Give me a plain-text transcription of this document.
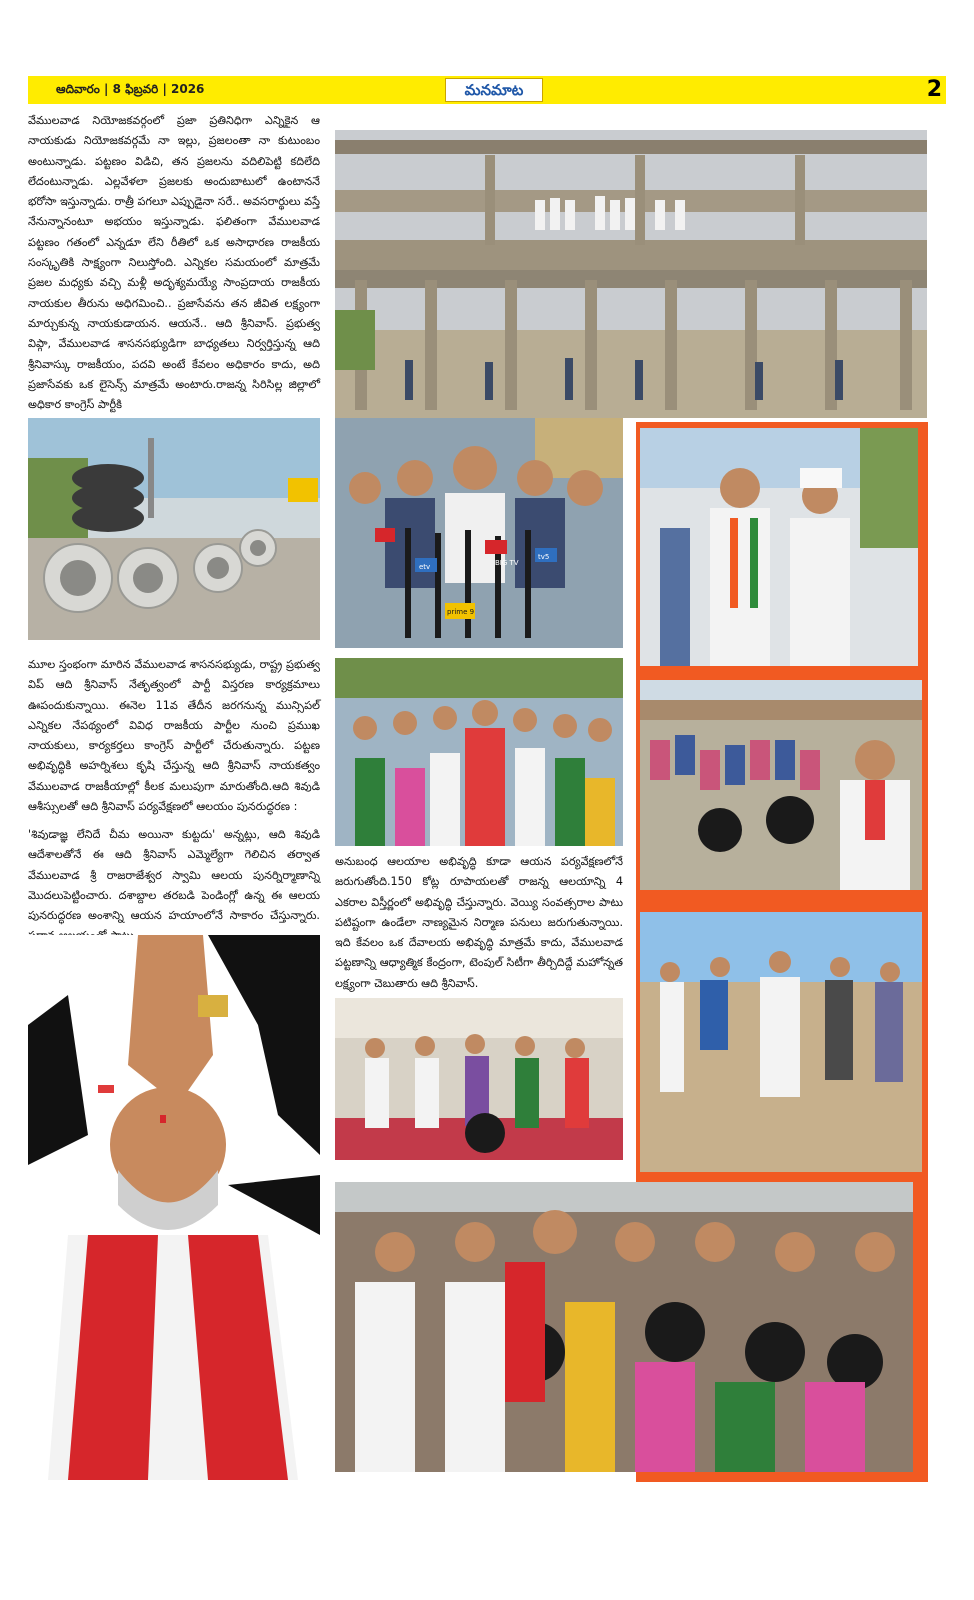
ఆదివారం | 8 ఫిబ్రవరి | 2026	మనమాట	2
వేములవాడ నియోజకవర్గంలో ప్రజా ప్రతినిధిగా ఎన్నికైన ఆ నాయకుడు నియోజకవర్గమే నా ఇల్లు, ప్రజలంతా నా కుటుంబం అంటున్నాడు. పట్టణం విడిచి, తన ప్రజలను వదిలిపెట్టి కదిలేది లేదంటున్నాడు. ఎల్లవేళలా ప్రజలకు అందుబాటులో ఉంటాననే భరోసా ఇస్తున్నాడు. రాత్రీ పగలూ ఎప్పుడైనా సరే.. అవసరార్థులు వస్తే నేనున్నానంటూ అభయం ఇస్తున్నాడు. ఫలితంగా వేములవాడ పట్టణం గతంలో ఎన్నడూ లేని రీతిలో ఒక అసాధారణ రాజకీయ సంస్కృతికి సాక్ష్యంగా నిలుస్తోంది. ఎన్నికల సమయంలో మాత్రమే ప్రజల మధ్యకు వచ్చి మళ్లీ అదృశ్యమయ్యే సాంప్రదాయ రాజకీయ నాయకుల తీరును అధిగమించి.. ప్రజాసేవను తన జీవిత లక్ష్యంగా మార్చుకున్న నాయకుడాయన. ఆయనే.. ఆది శ్రీనివాస్. ప్రభుత్వ విప్గా, వేములవాడ శాసనసభ్యుడిగా బాధ్యతలు నిర్వర్తిస్తున్న ఆది శ్రీనివాస్కు రాజకీయం, పదవి అంటే కేవలం అధికారం కాదు, అది ప్రజాసేవకు ఒక లైసెన్స్ మాత్రమే అంటారు.రాజన్న సిరిసిల్ల జిల్లాలో అధికార కాంగ్రెస్ పార్టీకి
BIG TV
prime 9
etv
tv5
మూల స్తంభంగా మారిన వేములవాడ శాసనసభ్యుడు, రాష్ట్ర ప్రభుత్వ విప్ ఆది శ్రీనివాస్ నేతృత్వంలో పార్టీ విస్తరణ కార్యక్రమాలు ఊపందుకున్నాయి. ఈనెల 11వ తేదీన జరగనున్న మున్సిపల్ ఎన్నికల నేపథ్యంలో వివిధ రాజకీయ పార్టీల నుంచి ప్రముఖ నాయకులు, కార్యకర్తలు కాంగ్రెస్ పార్టీలో చేరుతున్నారు. పట్టణ అభివృద్ధికి అహర్నిశలు కృషి చేస్తున్న ఆది శ్రీనివాస్ నాయకత్వం వేములవాడ రాజకీయాల్లో కీలక మలుపుగా మారుతోంది.ఆది శివుడి ఆశీస్సులతో ఆది శ్రీనివాస్ పర్యవేక్షణలో ఆలయం పునరుద్ధరణ :
'శివుడాజ్ఞ లేనిదే చీమ అయినా కుట్టదు' అన్నట్లు, ఆది శివుడి ఆదేశాలతోనే ఈ ఆది శ్రీనివాస్ ఎమ్మెల్యేగా గెలిచిన తర్వాత వేములవాడ శ్రీ రాజరాజేశ్వర స్వామి ఆలయ పునర్నిర్మాణాన్ని మొదలుపెట్టించారు. దశాబ్దాల తరబడి పెండింగ్లో ఉన్న ఈ ఆలయ పునరుద్ధరణ అంశాన్ని ఆయన హయాంలోనే సాకారం చేస్తున్నారు.
అనుబంధ ఆలయాల అభివృద్ధి కూడా ఆయన పర్యవేక్షణలోనే జరుగుతోంది.150 కోట్ల రూపాయలతో రాజన్న ఆలయాన్ని 4 ఎకరాల విస్తీర్ణంలో అభివృద్ధి చేస్తున్నారు. వెయ్యి సంవత్సరాల పాటు పటిష్టంగా ఉండేలా నాణ్యమైన నిర్మాణ పనులు జరుగుతున్నాయి. ఇది కేవలం ఒక దేవాలయ అభివృద్ధి మాత్రమే కాదు, వేములవాడ పట్టణాన్ని ఆధ్యాత్మిక కేంద్రంగా, టెంపుల్ సిటీగా తీర్చిదిద్దే మహోన్నత లక్ష్యంగా చెబుతారు ఆది శ్రీనివాస్.
